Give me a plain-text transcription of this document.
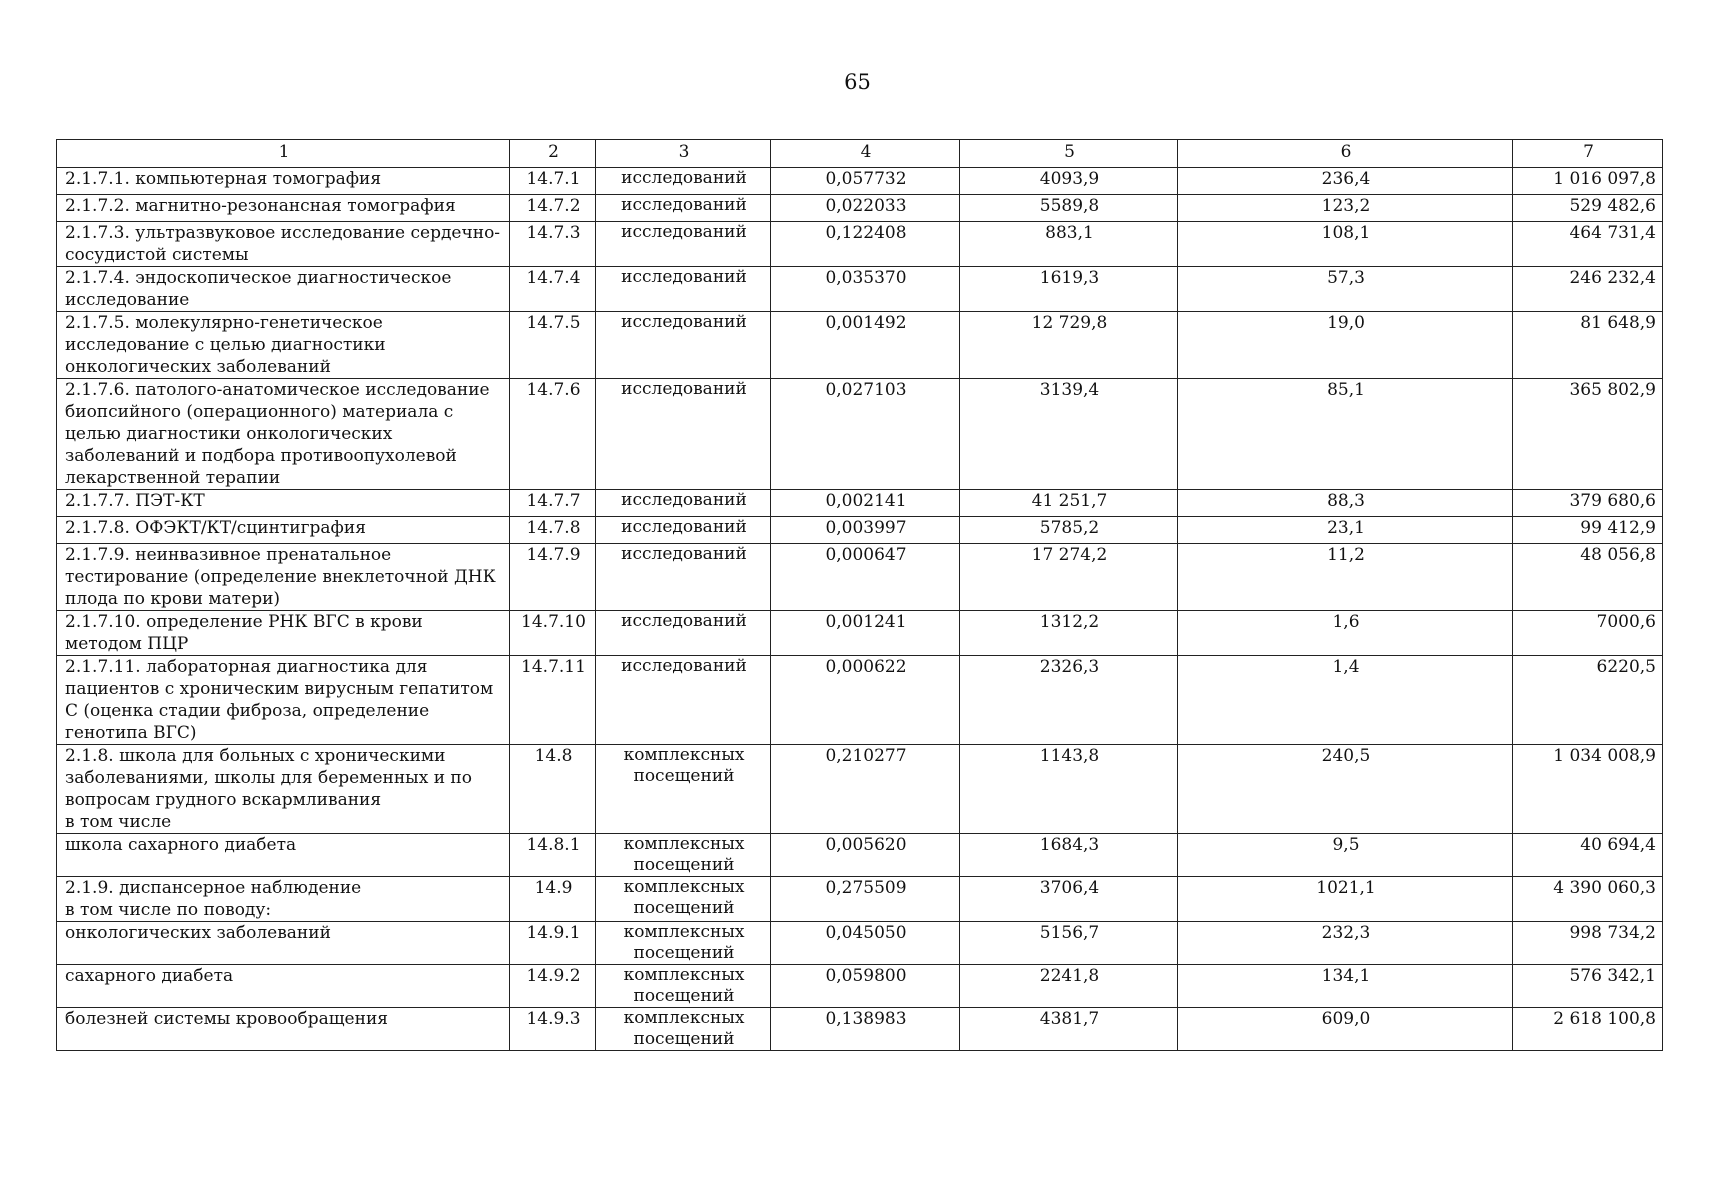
65
1	2	3	4	5	6	7
2.1.7.1. компьютерная томография	14.7.1	исследований	0,057732	4093,9	236,4	1 016 097,8
2.1.7.2. магнитно-резонансная томография	14.7.2	исследований	0,022033	5589,8	123,2	529 482,6
2.1.7.3. ультразвуковое исследование сердечно-сосудистой системы	14.7.3	исследований	0,122408	883,1	108,1	464 731,4
2.1.7.4. эндоскопическое диагностическое исследование	14.7.4	исследований	0,035370	1619,3	57,3	246 232,4
2.1.7.5. молекулярно-генетическое исследование с целью диагностики онкологических заболеваний	14.7.5	исследований	0,001492	12 729,8	19,0	81 648,9
2.1.7.6. патолого-анатомическое исследование биопсийного (операционного) материала с целью диагностики онкологических заболеваний и подбора противоопухолевой лекарственной терапии	14.7.6	исследований	0,027103	3139,4	85,1	365 802,9
2.1.7.7. ПЭТ-КТ	14.7.7	исследований	0,002141	41 251,7	88,3	379 680,6
2.1.7.8. ОФЭКТ/КТ/сцинтиграфия	14.7.8	исследований	0,003997	5785,2	23,1	99 412,9
2.1.7.9. неинвазивное пренатальное тестирование (определение внеклеточной ДНК плода по крови матери)	14.7.9	исследований	0,000647	17 274,2	11,2	48 056,8
2.1.7.10. определение РНК ВГС в крови методом ПЦР	14.7.10	исследований	0,001241	1312,2	1,6	7000,6
2.1.7.11. лабораторная диагностика для пациентов с хроническим вирусным гепатитом С (оценка стадии фиброза, определение генотипа ВГС)	14.7.11	исследований	0,000622	2326,3	1,4	6220,5
2.1.8. школа для больных с хроническими заболеваниями, школы для беременных и по вопросам грудного вскармливания
в том числе	14.8	комплексных посещений	0,210277	1143,8	240,5	1 034 008,9
школа сахарного диабета	14.8.1	комплексных посещений	0,005620	1684,3	9,5	40 694,4
2.1.9. диспансерное наблюдение
в том числе по поводу:	14.9	комплексных посещений	0,275509	3706,4	1021,1	4 390 060,3
онкологических заболеваний	14.9.1	комплексных посещений	0,045050	5156,7	232,3	998 734,2
сахарного диабета	14.9.2	комплексных посещений	0,059800	2241,8	134,1	576 342,1
болезней системы кровообращения	14.9.3	комплексных посещений	0,138983	4381,7	609,0	2 618 100,8
